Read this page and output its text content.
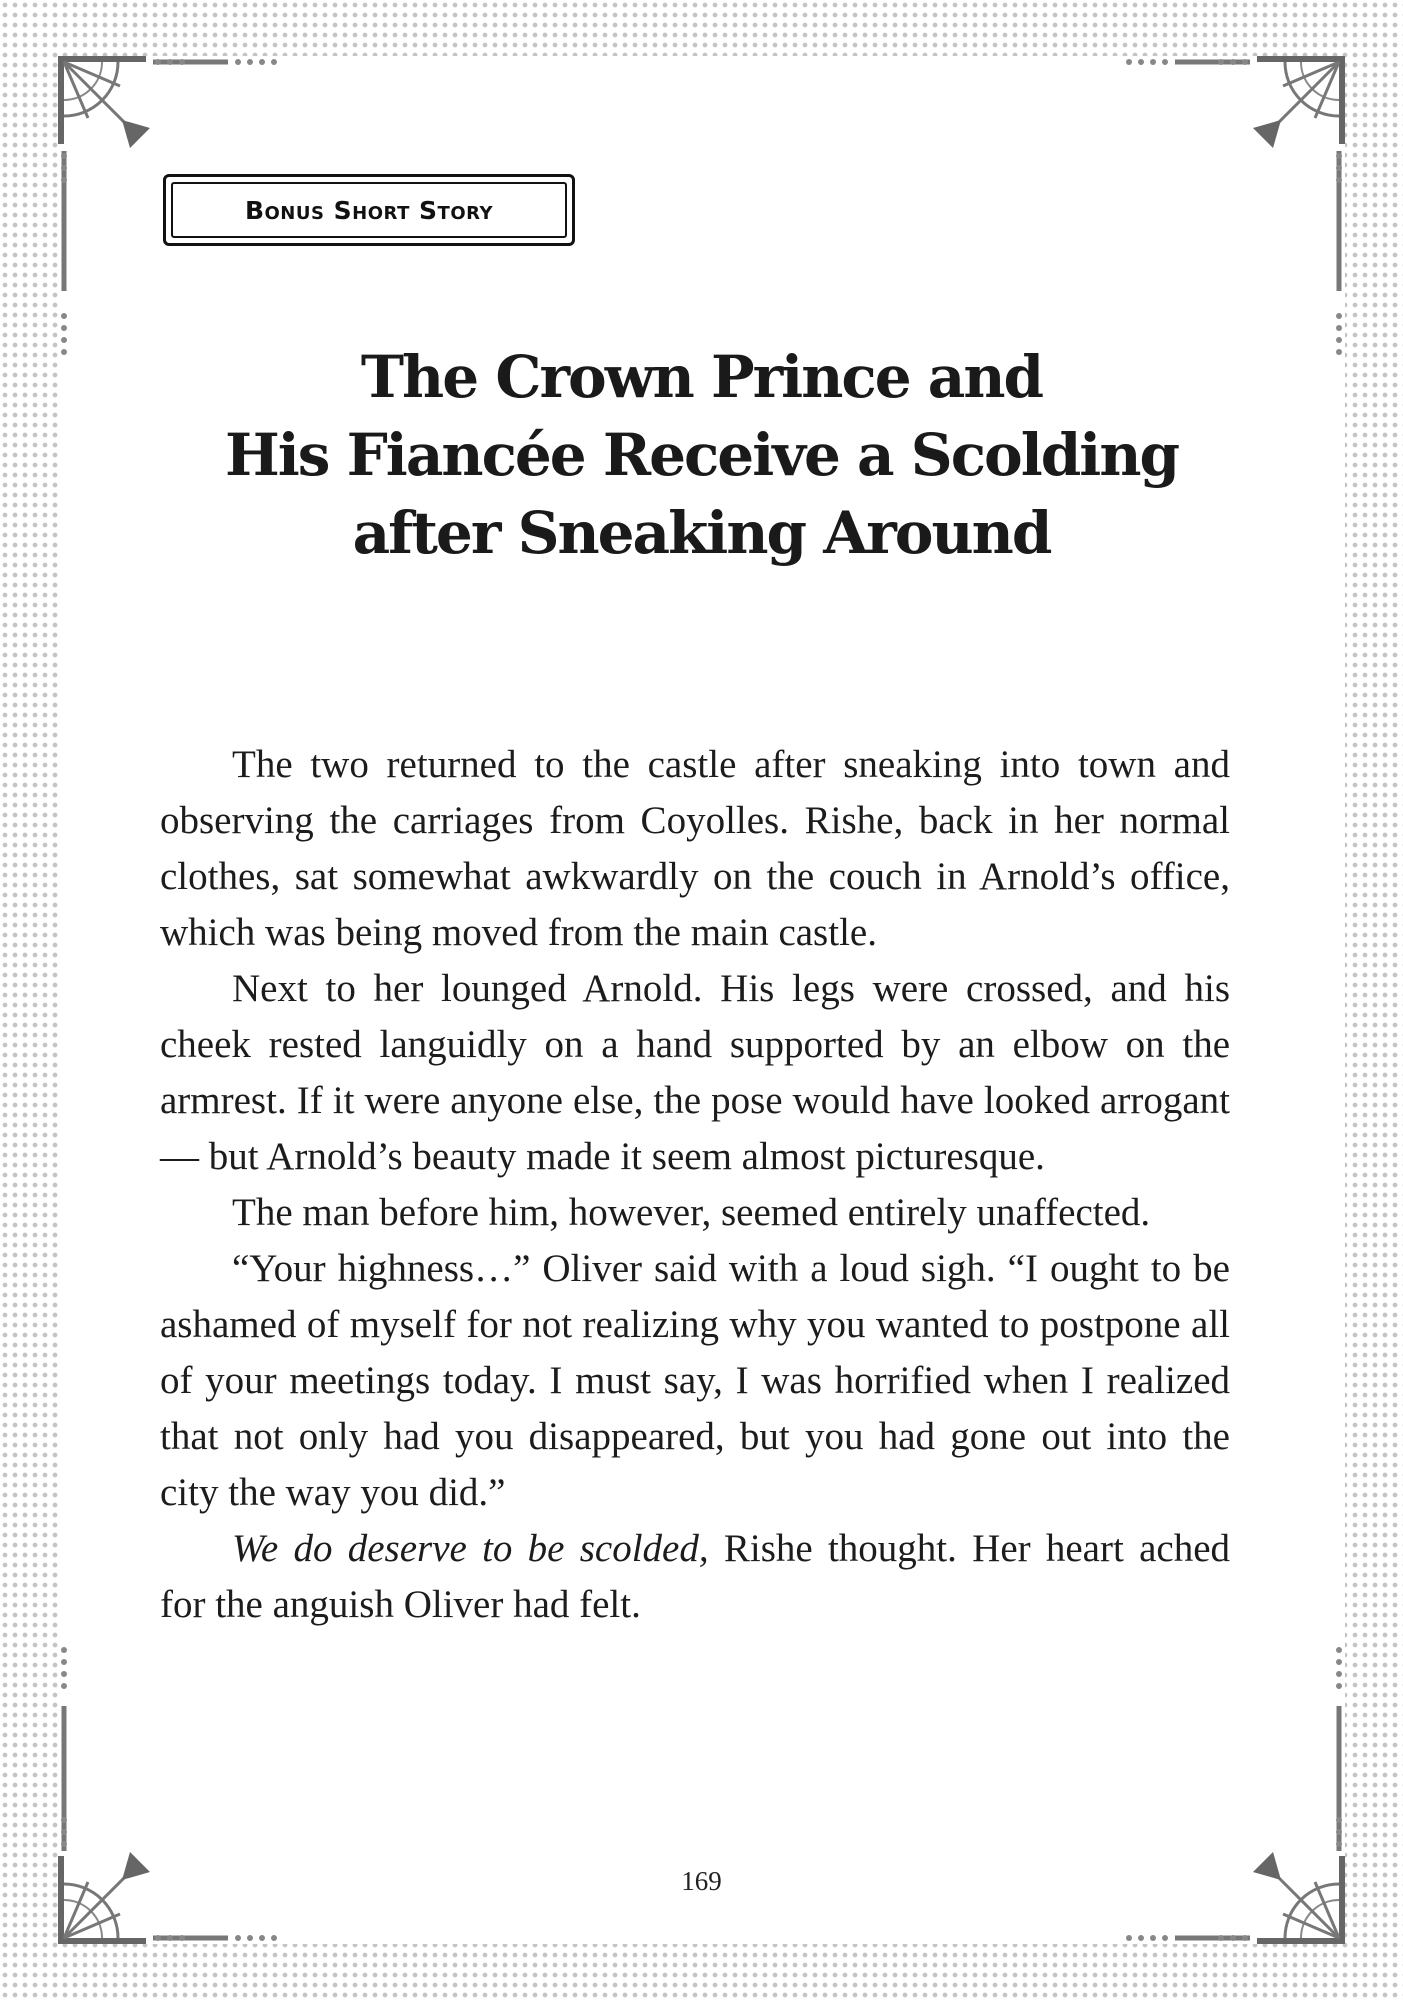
Bonus Short Story
The Crown Prince and
His Fiancée Receive a Scolding
after Sneaking Around

The two returned to the castle after sneaking into town and observing the carriages from Coyolles. Rishe, back in her normal clothes, sat somewhat awkwardly on the couch in Arnold’s office, which was being moved from the main castle.

Next to her lounged Arnold. His legs were crossed, and his cheek rested languidly on a hand supported by an elbow on the armrest. If it were anyone else, the pose would have looked arrogant— but Arnold’s beauty made it seem almost picturesque.

The man before him, however, seemed entirely unaffected.

“Your highness…” Oliver said with a loud sigh. “I ought to be ashamed of myself for not realizing why you wanted to postpone all of your meetings today. I must say, I was horrified when I realized that not only had you disappeared, but you had gone out into the city the way you did.”

We do deserve to be scolded, Rishe thought. Her heart ached for the anguish Oliver had felt.

169
